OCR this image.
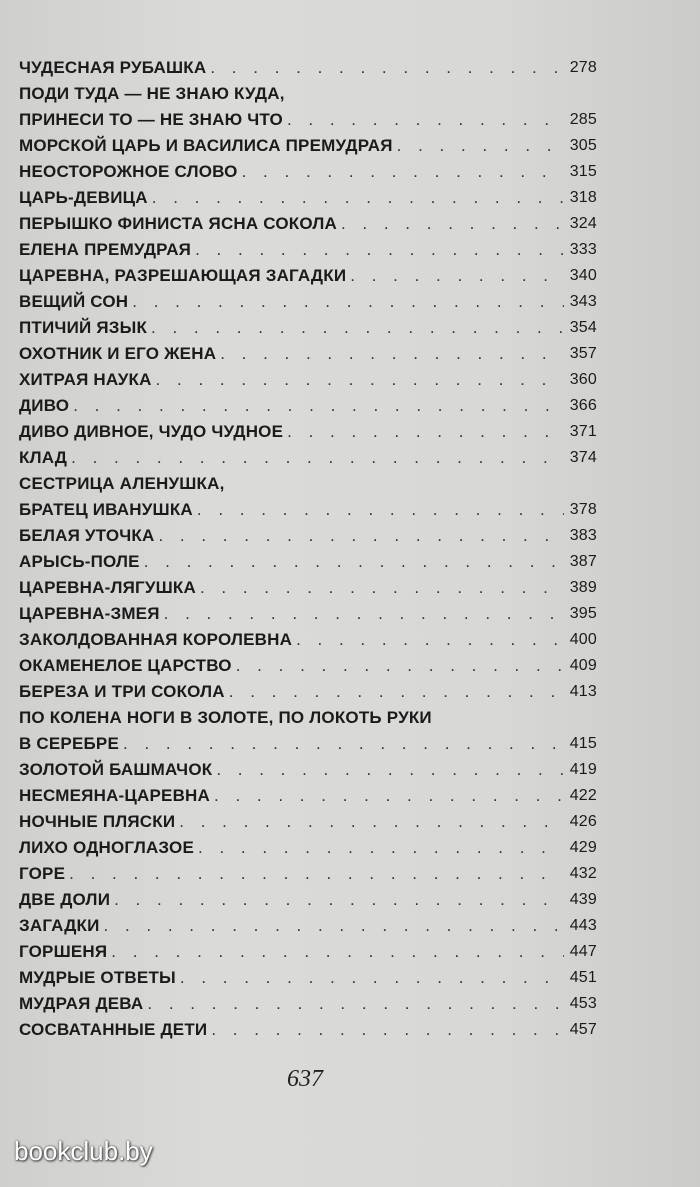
ЧУДЕСНАЯ РУБАШКА . . .	278
ПОДИ ТУДА — НЕ ЗНАЮ КУДА,
ПРИНЕСИ ТО — НЕ ЗНАЮ ЧТО . . .	285
МОРСКОЙ ЦАРЬ И ВАСИЛИСА ПРЕМУДРАЯ . . .	305
НЕОСТОРОЖНОЕ СЛОВО . . .	315
ЦАРЬ-ДЕВИЦА . . .	318
ПЕРЫШКО ФИНИСТА ЯСНА СОКОЛА . . .	324
ЕЛЕНА ПРЕМУДРАЯ . . .	333
ЦАРЕВНА, РАЗРЕШАЮЩАЯ ЗАГАДКИ . . .	340
ВЕЩИЙ СОН . . .	343
ПТИЧИЙ ЯЗЫК . . .	354
ОХОТНИК И ЕГО ЖЕНА . . .	357
ХИТРАЯ НАУКА . . .	360
ДИВО . . .	366
ДИВО ДИВНОЕ, ЧУДО ЧУДНОЕ . . .	371
КЛАД . . .	374
СЕСТРИЦА АЛЕНУШКА,
БРАТЕЦ ИВАНУШКА . . .	378
БЕЛАЯ УТОЧКА . . .	383
АРЫСЬ-ПОЛЕ . . .	387
ЦАРЕВНА-ЛЯГУШКА . . .	389
ЦАРЕВНА-ЗМЕЯ . . .	395
ЗАКОЛДОВАННАЯ КОРОЛЕВНА . . .	400
ОКАМЕНЕЛОЕ ЦАРСТВО . . .	409
БЕРЕЗА И ТРИ СОКОЛА . . .	413
ПО КОЛЕНА НОГИ В ЗОЛОТЕ, ПО ЛОКОТЬ РУКИ
В СЕРЕБРЕ . . .	415
ЗОЛОТОЙ БАШМАЧОК . . .	419
НЕСМЕЯНА-ЦАРЕВНА . . .	422
НОЧНЫЕ ПЛЯСКИ . . .	426
ЛИХО ОДНОГЛАЗОЕ . . .	429
ГОРЕ . . .	432
ДВЕ ДОЛИ . . .	439
ЗАГАДКИ . . .	443
ГОРШЕНЯ . . .	447
МУДРЫЕ ОТВЕТЫ . . .	451
МУДРАЯ ДЕВА . . .	453
СОСВАТАННЫЕ ДЕТИ . . .	457
637
bookclub.by
